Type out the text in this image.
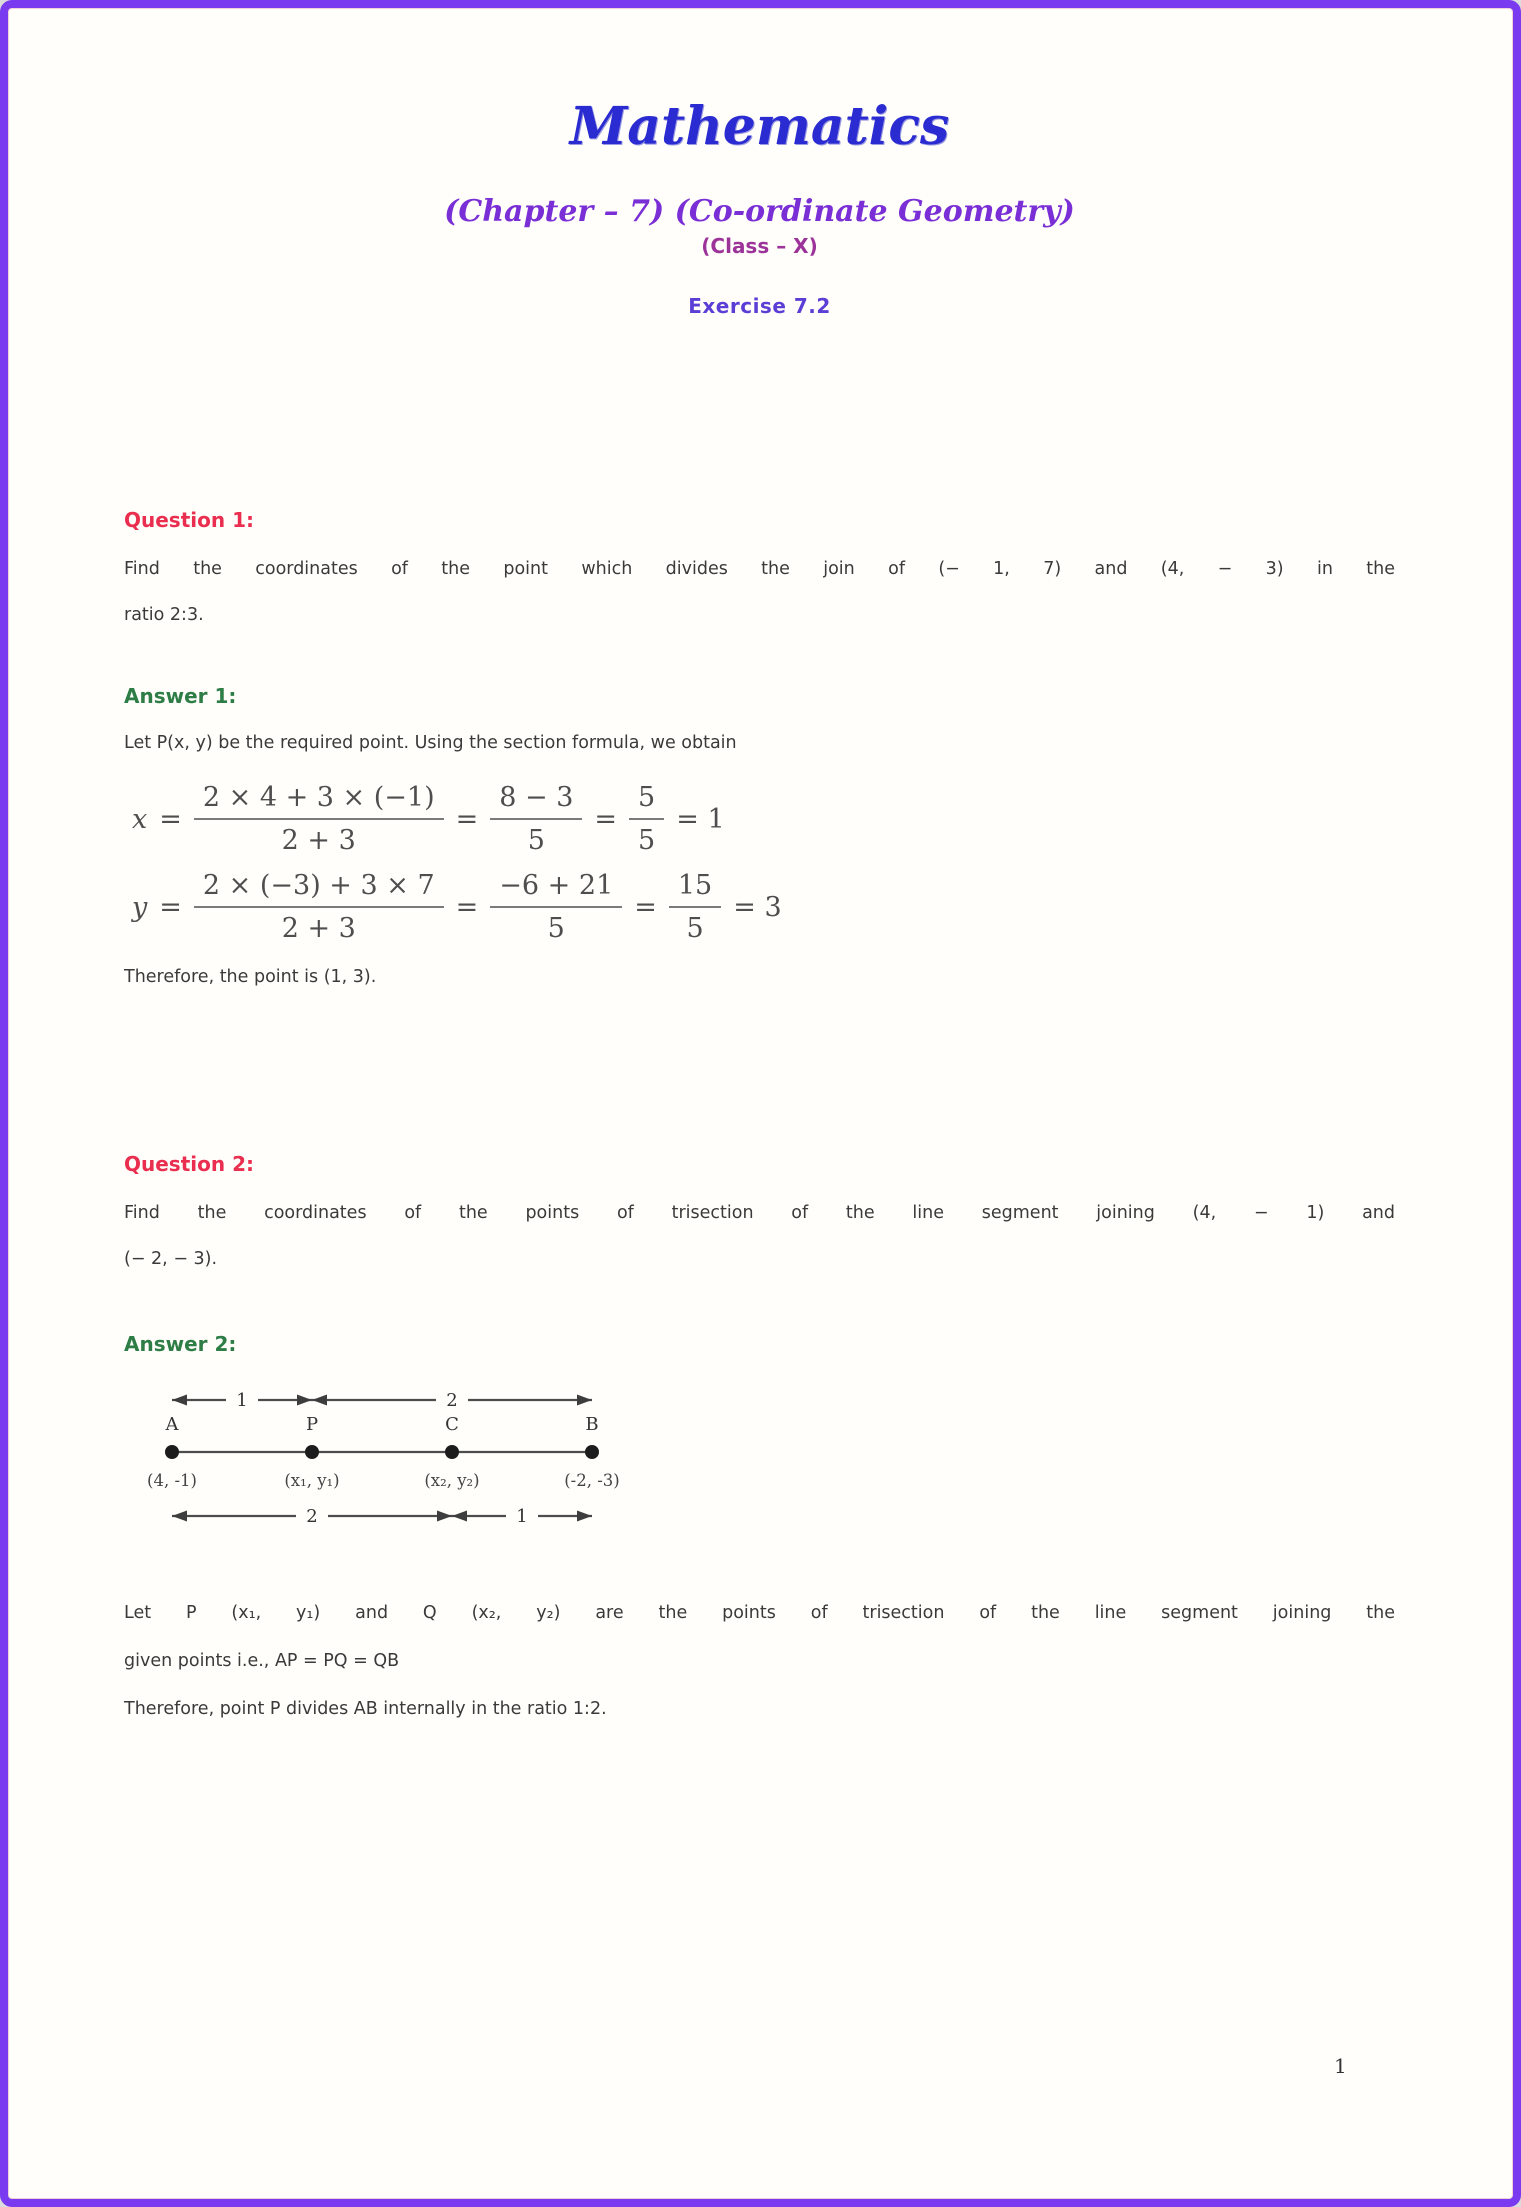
Mathematics
(Chapter – 7) (Co-ordinate Geometry)
(Class – X)
Exercise 7.2
Question 1:
Find the coordinates of the point which divides the join of (− 1, 7) and (4, − 3) in the
ratio 2:3.
Answer 1:
Let P(x, y) be the required point. Using the section formula, we obtain
$x = \frac{2 \times 4 + 3 \times (-1)}{2 + 3} = \frac{8 - 3}{5} = \frac{5}{5} = 1$
$y = \frac{2 \times (-3) + 3 \times 7}{2 + 3} = \frac{-6 + 21}{5} = \frac{15}{5} = 3$
Therefore, the point is (1, 3).
Question 2:
Find the coordinates of the points of trisection of the line segment joining (4, − 1) and
(− 2, − 3).
Answer 2:
A
(4, -1)
P
(x₁, y₁)
C
(x₂, y₂)
B
(-2, -3)
1	2
2	1
Let P (x₁, y₁) and Q (x₂, y₂) are the points of trisection of the line segment joining the
given points i.e., AP = PQ = QB
Therefore, point P divides AB internally in the ratio 1:2.
1
